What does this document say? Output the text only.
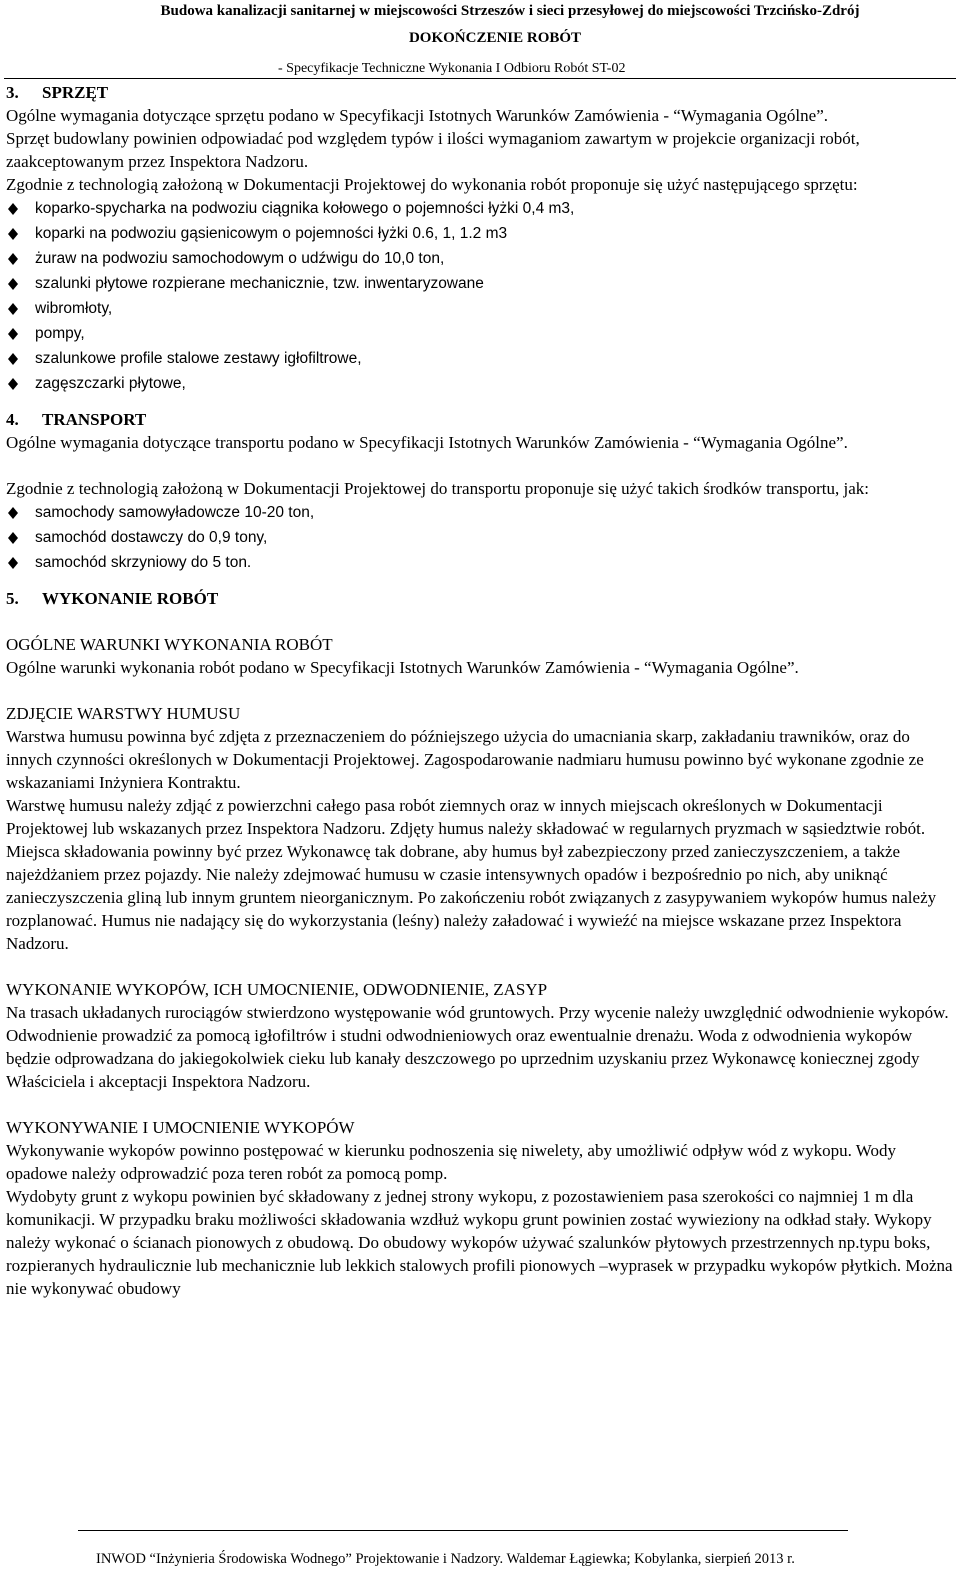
Budowa kanalizacji sanitarnej w miejscowości Strzeszów i sieci przesyłowej do miejscowości Trzcińsko-Zdrój
DOKOŃCZENIE ROBÓT
- Specyfikacje Techniczne Wykonania I Odbioru Robót ST-02
3. SPRZĘT

Ogólne wymagania dotyczące sprzętu podano w Specyfikacji Istotnych Warunków Zamówienia - “Wymagania Ogólne”.

Sprzęt budowlany powinien odpowiadać pod względem typów i ilości wymaganiom zawartym w projekcie organizacji robót, zaakceptowanym przez Inspektora Nadzoru.

Zgodnie z technologią założoną w Dokumentacji Projektowej do wykonania robót proponuje się użyć następującego sprzętu:

koparko-spycharka na podwoziu ciągnika kołowego o pojemności łyżki 0,4 m3,
koparki na podwoziu gąsienicowym o pojemności łyżki 0.6, 1, 1.2 m3
żuraw na podwoziu samochodowym o udźwigu do 10,0 ton,
szalunki płytowe rozpierane mechanicznie, tzw. inwentaryzowane
wibromłoty,
pompy,
szalunkowe profile stalowe zestawy igłofiltrowe,
zagęszczarki płytowe,
4. TRANSPORT

Ogólne wymagania dotyczące transportu podano w Specyfikacji Istotnych Warunków Zamówienia - “Wymagania Ogólne”.

Zgodnie z technologią założoną w Dokumentacji Projektowej do transportu proponuje się użyć takich środków transportu, jak:

samochody samowyładowcze 10-20 ton,
samochód dostawczy do 0,9 tony,
samochód skrzyniowy do 5 ton.
5. WYKONANIE ROBÓT

OGÓLNE WARUNKI WYKONANIA ROBÓT

Ogólne warunki wykonania robót podano w Specyfikacji Istotnych Warunków Zamówienia - “Wymagania Ogólne”.

ZDJĘCIE WARSTWY HUMUSU

Warstwa humusu powinna być zdjęta z przeznaczeniem do późniejszego użycia do umacniania skarp, zakładaniu trawników, oraz do innych czynności określonych w Dokumentacji Projektowej. Zagospodarowanie nadmiaru humusu powinno być wykonane zgodnie ze wskazaniami Inżyniera Kontraktu.

Warstwę humusu należy zdjąć z powierzchni całego pasa robót ziemnych oraz w innych miejscach określonych w Dokumentacji Projektowej lub wskazanych przez Inspektora Nadzoru. Zdjęty humus należy składować w regularnych pryzmach w sąsiedztwie robót. Miejsca składowania powinny być przez Wykonawcę tak dobrane, aby humus był zabezpieczony przed zanieczyszczeniem, a także najeżdżaniem przez pojazdy. Nie należy zdejmować humusu w czasie intensywnych opadów i bezpośrednio po nich, aby uniknąć zanieczyszczenia gliną lub innym gruntem nieorganicznym. Po zakończeniu robót związanych z zasypywaniem wykopów humus należy rozplanować. Humus nie nadający się do wykorzystania (leśny) należy załadować i wywieźć na miejsce wskazane przez Inspektora Nadzoru.

WYKONANIE WYKOPÓW, ICH UMOCNIENIE, ODWODNIENIE, ZASYP

Na trasach układanych rurociągów stwierdzono występowanie wód gruntowych. Przy wycenie należy uwzględnić odwodnienie wykopów. Odwodnienie prowadzić za pomocą igłofiltrów i studni odwodnieniowych oraz ewentualnie drenażu. Woda z odwodnienia wykopów będzie odprowadzana do jakiegokolwiek cieku lub kanały deszczowego po uprzednim uzyskaniu przez Wykonawcę koniecznej zgody Właściciela i akceptacji Inspektora Nadzoru.

WYKONYWANIE I UMOCNIENIE WYKOPÓW

Wykonywanie wykopów powinno postępować w kierunku podnoszenia się niwelety, aby umożliwić odpływ wód z wykopu. Wody opadowe należy odprowadzić poza teren robót za pomocą pomp.

Wydobyty grunt z wykopu powinien być składowany z jednej strony wykopu, z pozostawieniem pasa szerokości co najmniej 1 m dla komunikacji. W przypadku braku możliwości składowania wzdłuż wykopu grunt powinien zostać wywieziony na odkład stały. Wykopy należy wykonać o ścianach pionowych z obudową. Do obudowy wykopów używać szalunków płytowych przestrzennych np.typu boks, rozpieranych hydraulicznie lub mechanicznie lub lekkich stalowych profili pionowych –wyprasek w przypadku wykopów płytkich. Można nie wykonywać obudowy

INWOD “Inżynieria Środowiska Wodnego” Projektowanie i Nadzory. Waldemar Łągiewka; Kobylanka, sierpień 2013 r.
